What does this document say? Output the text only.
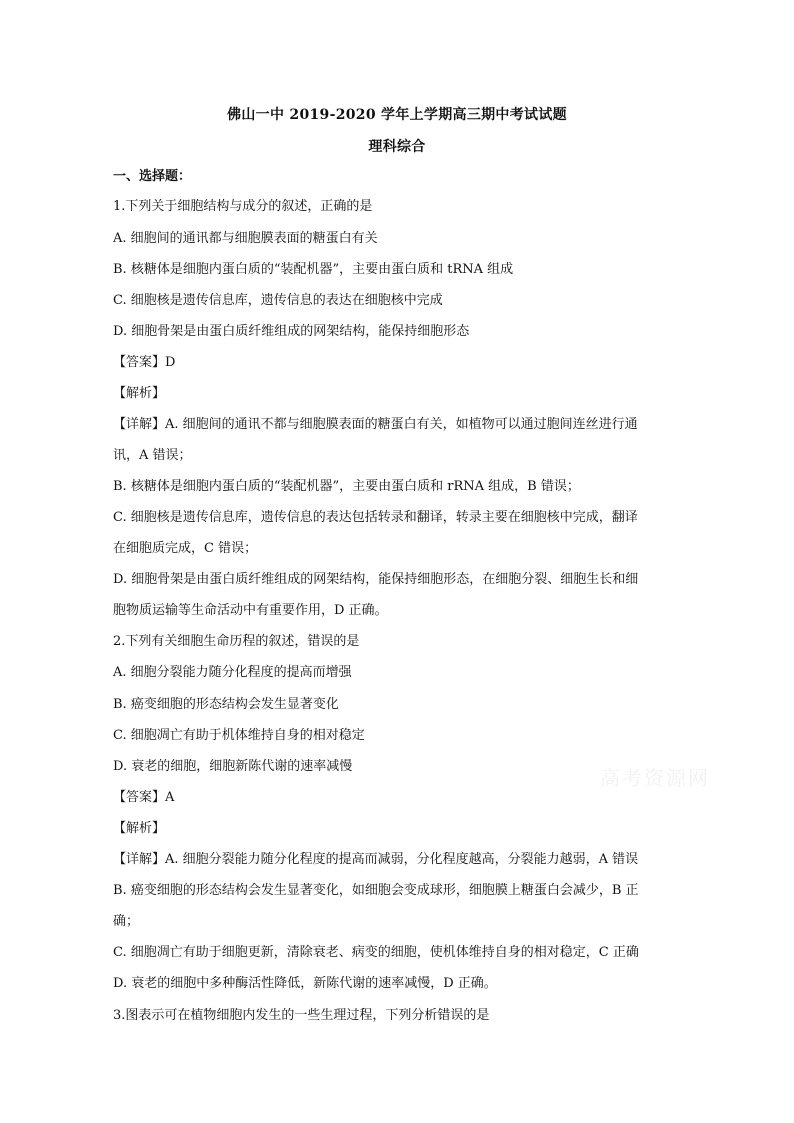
佛山一中 2019-2020 学年上学期高三期中考试试题
理科综合
一、选择题：
1.下列关于细胞结构与成分的叙述，正确的是
A. 细胞间的通讯都与细胞膜表面的糖蛋白有关
B. 核糖体是细胞内蛋白质的“装配机器”，主要由蛋白质和 tRNA 组成
C. 细胞核是遗传信息库，遗传信息的表达在细胞核中完成
D. 细胞骨架是由蛋白质纤维组成的网架结构，能保持细胞形态
【答案】D
【解析】
【详解】A. 细胞间的通讯不都与细胞膜表面的糖蛋白有关，如植物可以通过胞间连丝进行通
讯，A 错误；
B. 核糖体是细胞内蛋白质的“装配机器”，主要由蛋白质和 rRNA 组成，B 错误；
C. 细胞核是遗传信息库，遗传信息的表达包括转录和翻译，转录主要在细胞核中完成，翻译
在细胞质完成，C 错误；
D. 细胞骨架是由蛋白质纤维组成的网架结构，能保持细胞形态，在细胞分裂、细胞生长和细
胞物质运输等生命活动中有重要作用，D 正确。
2.下列有关细胞生命历程的叙述，错误的是
A. 细胞分裂能力随分化程度的提高而增强
B. 癌变细胞的形态结构会发生显著变化
C. 细胞凋亡有助于机体维持自身的相对稳定
D. 衰老的细胞，细胞新陈代谢的速率减慢
【答案】A
【解析】
【详解】A. 细胞分裂能力随分化程度的提高而减弱，分化程度越高，分裂能力越弱，A 错误
B. 癌变细胞的形态结构会发生显著变化，如细胞会变成球形，细胞膜上糖蛋白会减少，B 正
确；
C. 细胞凋亡有助于细胞更新，清除衰老、病变的细胞，使机体维持自身的相对稳定，C 正确
D. 衰老的细胞中多种酶活性降低，新陈代谢的速率减慢，D 正确。
3.图表示可在植物细胞内发生的一些生理过程，下列分析错误的是
高考资源网
